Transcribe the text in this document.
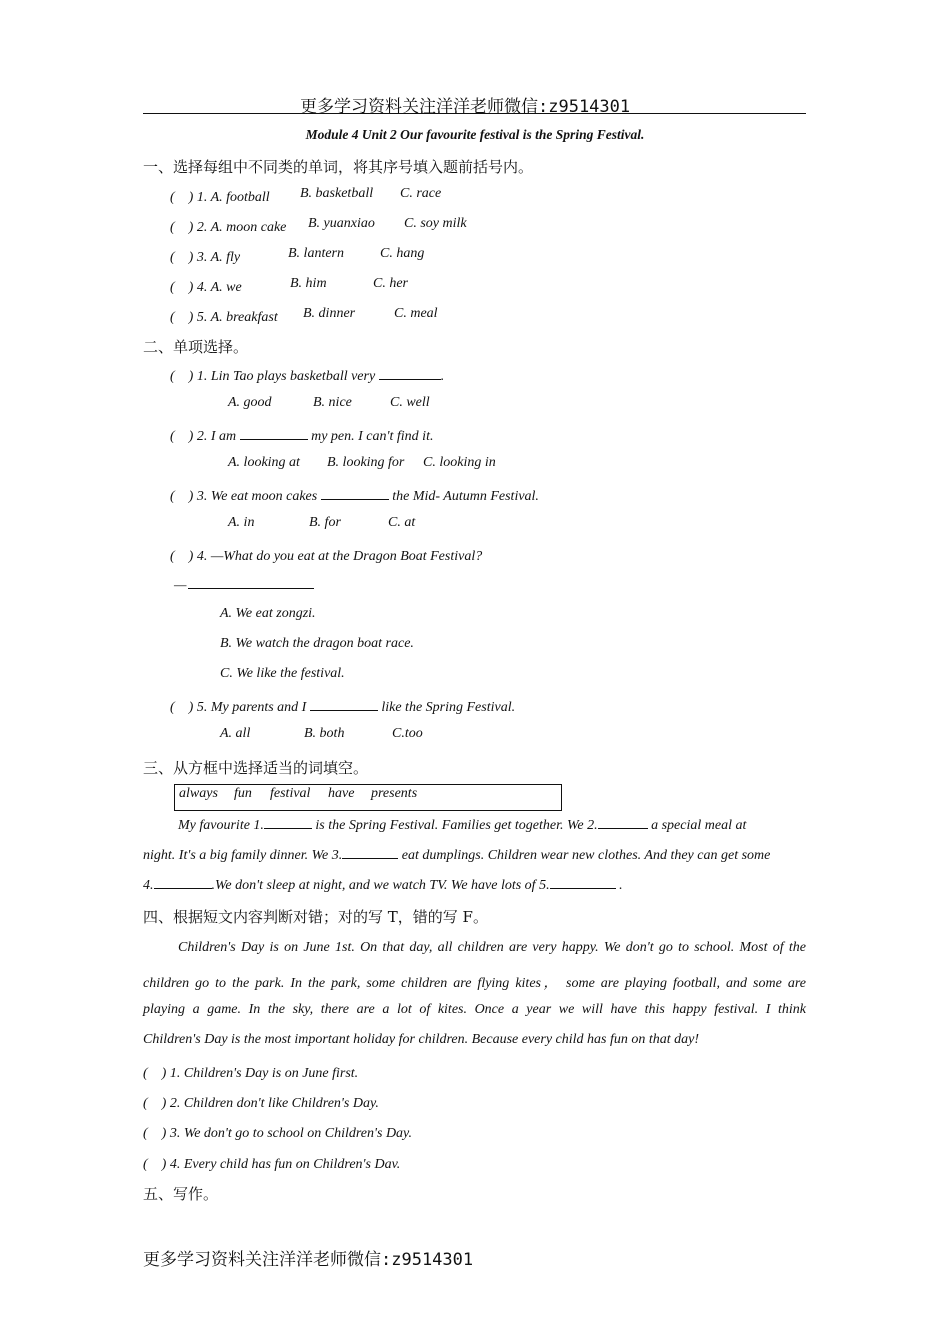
更多学习资料关注洋洋老师微信:z9514301
Module 4 Unit 2 Our favourite festival is the Spring Festival.
一、选择每组中不同类的单词，将其序号填入题前括号内。
(　) 1. A. football B. basketball C. race
(　) 2. A. moon cake B. yuanxiao C. soy milk
(　) 3. A. fly	B. lantern	C. hang
(　) 4. A. we	B. him	C. her
(　) 5. A. breakfast B. dinner	C. meal
二、单项选择。
(　) 1. Lin Tao plays basketball very	.
A. good	B. nice	C. well
(　) 2. I am	my pen. I can't find it.
A. looking at B. looking for C. looking in
(　) 3. We eat moon cakes	the Mid- Autumn Festival.
A. in	B. for	C. at
(　) 4. —What do you eat at the Dragon Boat Festival?
—
A. We eat zongzi.
B. We watch the dragon boat race.
C. We like the festival.
(　) 5. My parents and I	like the Spring Festival.
A. all	B. both	C.too
三、从方框中选择适当的词填空。
always fun festival have presents
My favourite 1.	is the Spring Festival. Families get together. We 2.	a special meal at
night. It's a big family dinner. We 3.	eat dumplings. Children wear new clothes. And they can get some
4.	.We don't sleep at night, and we watch TV. We have lots of 5.	.
四、根据短文内容判断对错；对的写 T，错的写 F。
Children's Day is on June 1st. On that day, all children are very happy. We don't go to school. Most of the
children go to the park. In the park, some children are flying kites， some are playing football, and some are
playing a game. In the sky, there are a lot of kites. Once a year we will have this happy festival. I think
Children's Day is the most important holiday for children. Because every child has fun on that day!
(　) 1. Children's Day is on June first.
(　) 2. Children don't like Children's Day.
(　) 3. We don't go to school on Children's Day.
(　) 4. Every child has fun on Children's Dav.
五、写作。
更多学习资料关注洋洋老师微信:z9514301
